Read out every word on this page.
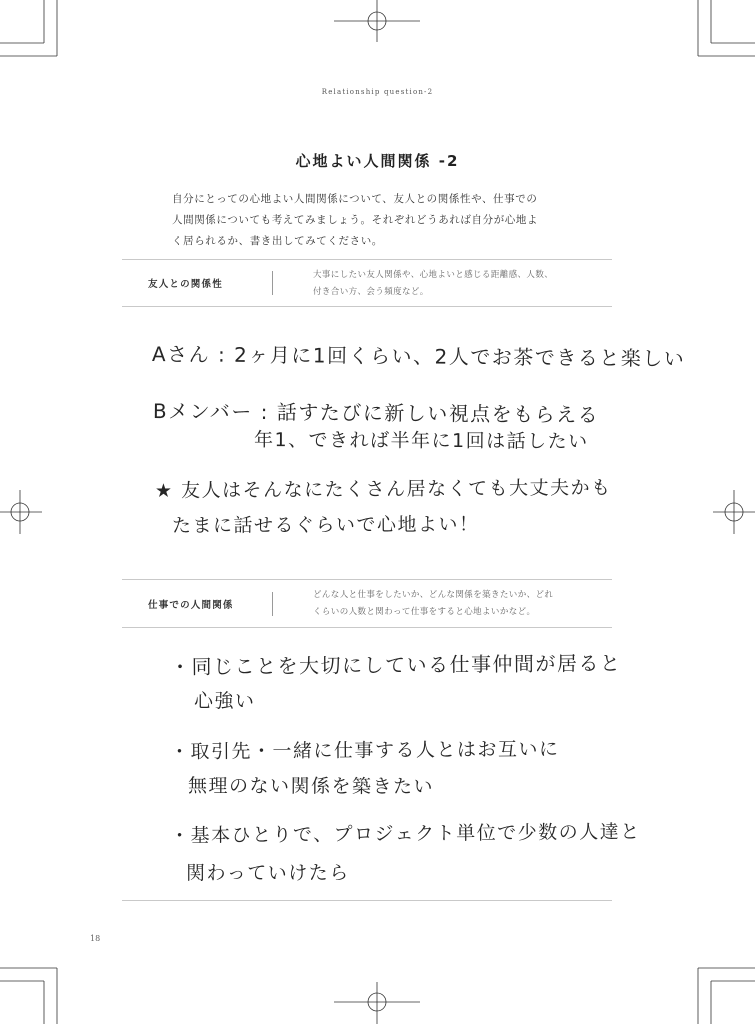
Relationship question-2
心地よい人間関係 -2

自分にとっての心地よい人間関係について、友人との関係性や、仕事での

人間関係についても考えてみましょう。それぞれどうあれば自分が心地よ

く居られるか、書き出してみてください。

友人との関係性

大事にしたい友人関係や、心地よいと感じる距離感、人数、

付き合い方、会う頻度など。

Aさん : 2ヶ月に1回くらい、2人でお茶できると楽しい
Bメンバー : 話すたびに新しい視点をもらえる
年1、できれば半年に1回は話したい
★ 友人はそんなにたくさん居なくても大丈夫かも
たまに話せるぐらいで心地よい！
仕事での人間関係

どんな人と仕事をしたいか、どんな関係を築きたいか、どれ

くらいの人数と関わって仕事をすると心地よいかなど。

・同じことを大切にしている仕事仲間が居ると
心強い
・取引先・一緒に仕事する人とはお互いに
無理のない関係を築きたい
・基本ひとりで、プロジェクト単位で少数の人達と
関わっていけたら
18
